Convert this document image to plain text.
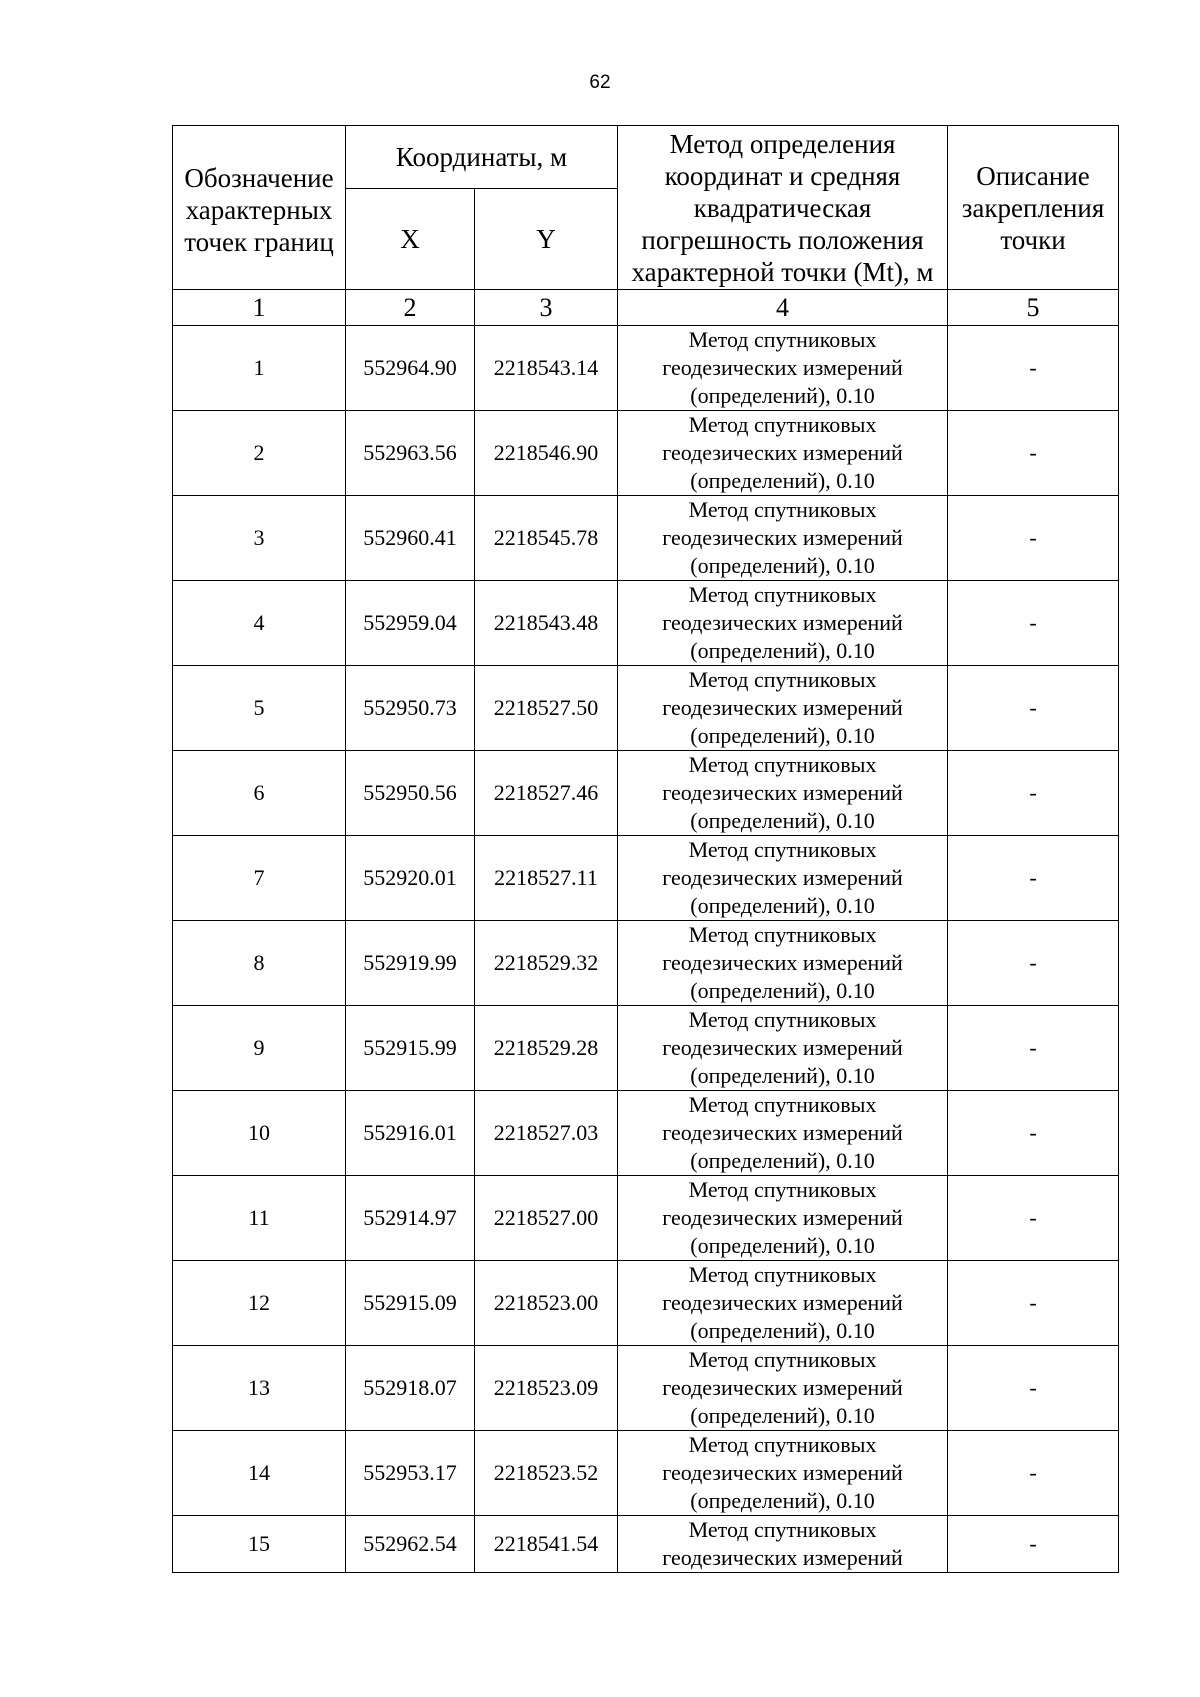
62
Обозначение характерных точек границ	Координаты, м		Метод определения координат и средняя квадратическая погрешность положения характерной точки (Mt), м	Описание закрепления точки
	X	Y		
1	2	3	4	5
1	552964.90	2218543.14	Метод спутниковых геодезических измерений (определений), 0.10	-
2	552963.56	2218546.90	Метод спутниковых геодезических измерений (определений), 0.10	-
3	552960.41	2218545.78	Метод спутниковых геодезических измерений (определений), 0.10	-
4	552959.04	2218543.48	Метод спутниковых геодезических измерений (определений), 0.10	-
5	552950.73	2218527.50	Метод спутниковых геодезических измерений (определений), 0.10	-
6	552950.56	2218527.46	Метод спутниковых геодезических измерений (определений), 0.10	-
7	552920.01	2218527.11	Метод спутниковых геодезических измерений (определений), 0.10	-
8	552919.99	2218529.32	Метод спутниковых геодезических измерений (определений), 0.10	-
9	552915.99	2218529.28	Метод спутниковых геодезических измерений (определений), 0.10	-
10	552916.01	2218527.03	Метод спутниковых геодезических измерений (определений), 0.10	-
11	552914.97	2218527.00	Метод спутниковых геодезических измерений (определений), 0.10	-
12	552915.09	2218523.00	Метод спутниковых геодезических измерений (определений), 0.10	-
13	552918.07	2218523.09	Метод спутниковых геодезических измерений (определений), 0.10	-
14	552953.17	2218523.52	Метод спутниковых геодезических измерений (определений), 0.10	-
15	552962.54	2218541.54	Метод спутниковых геодезических измерений	-
